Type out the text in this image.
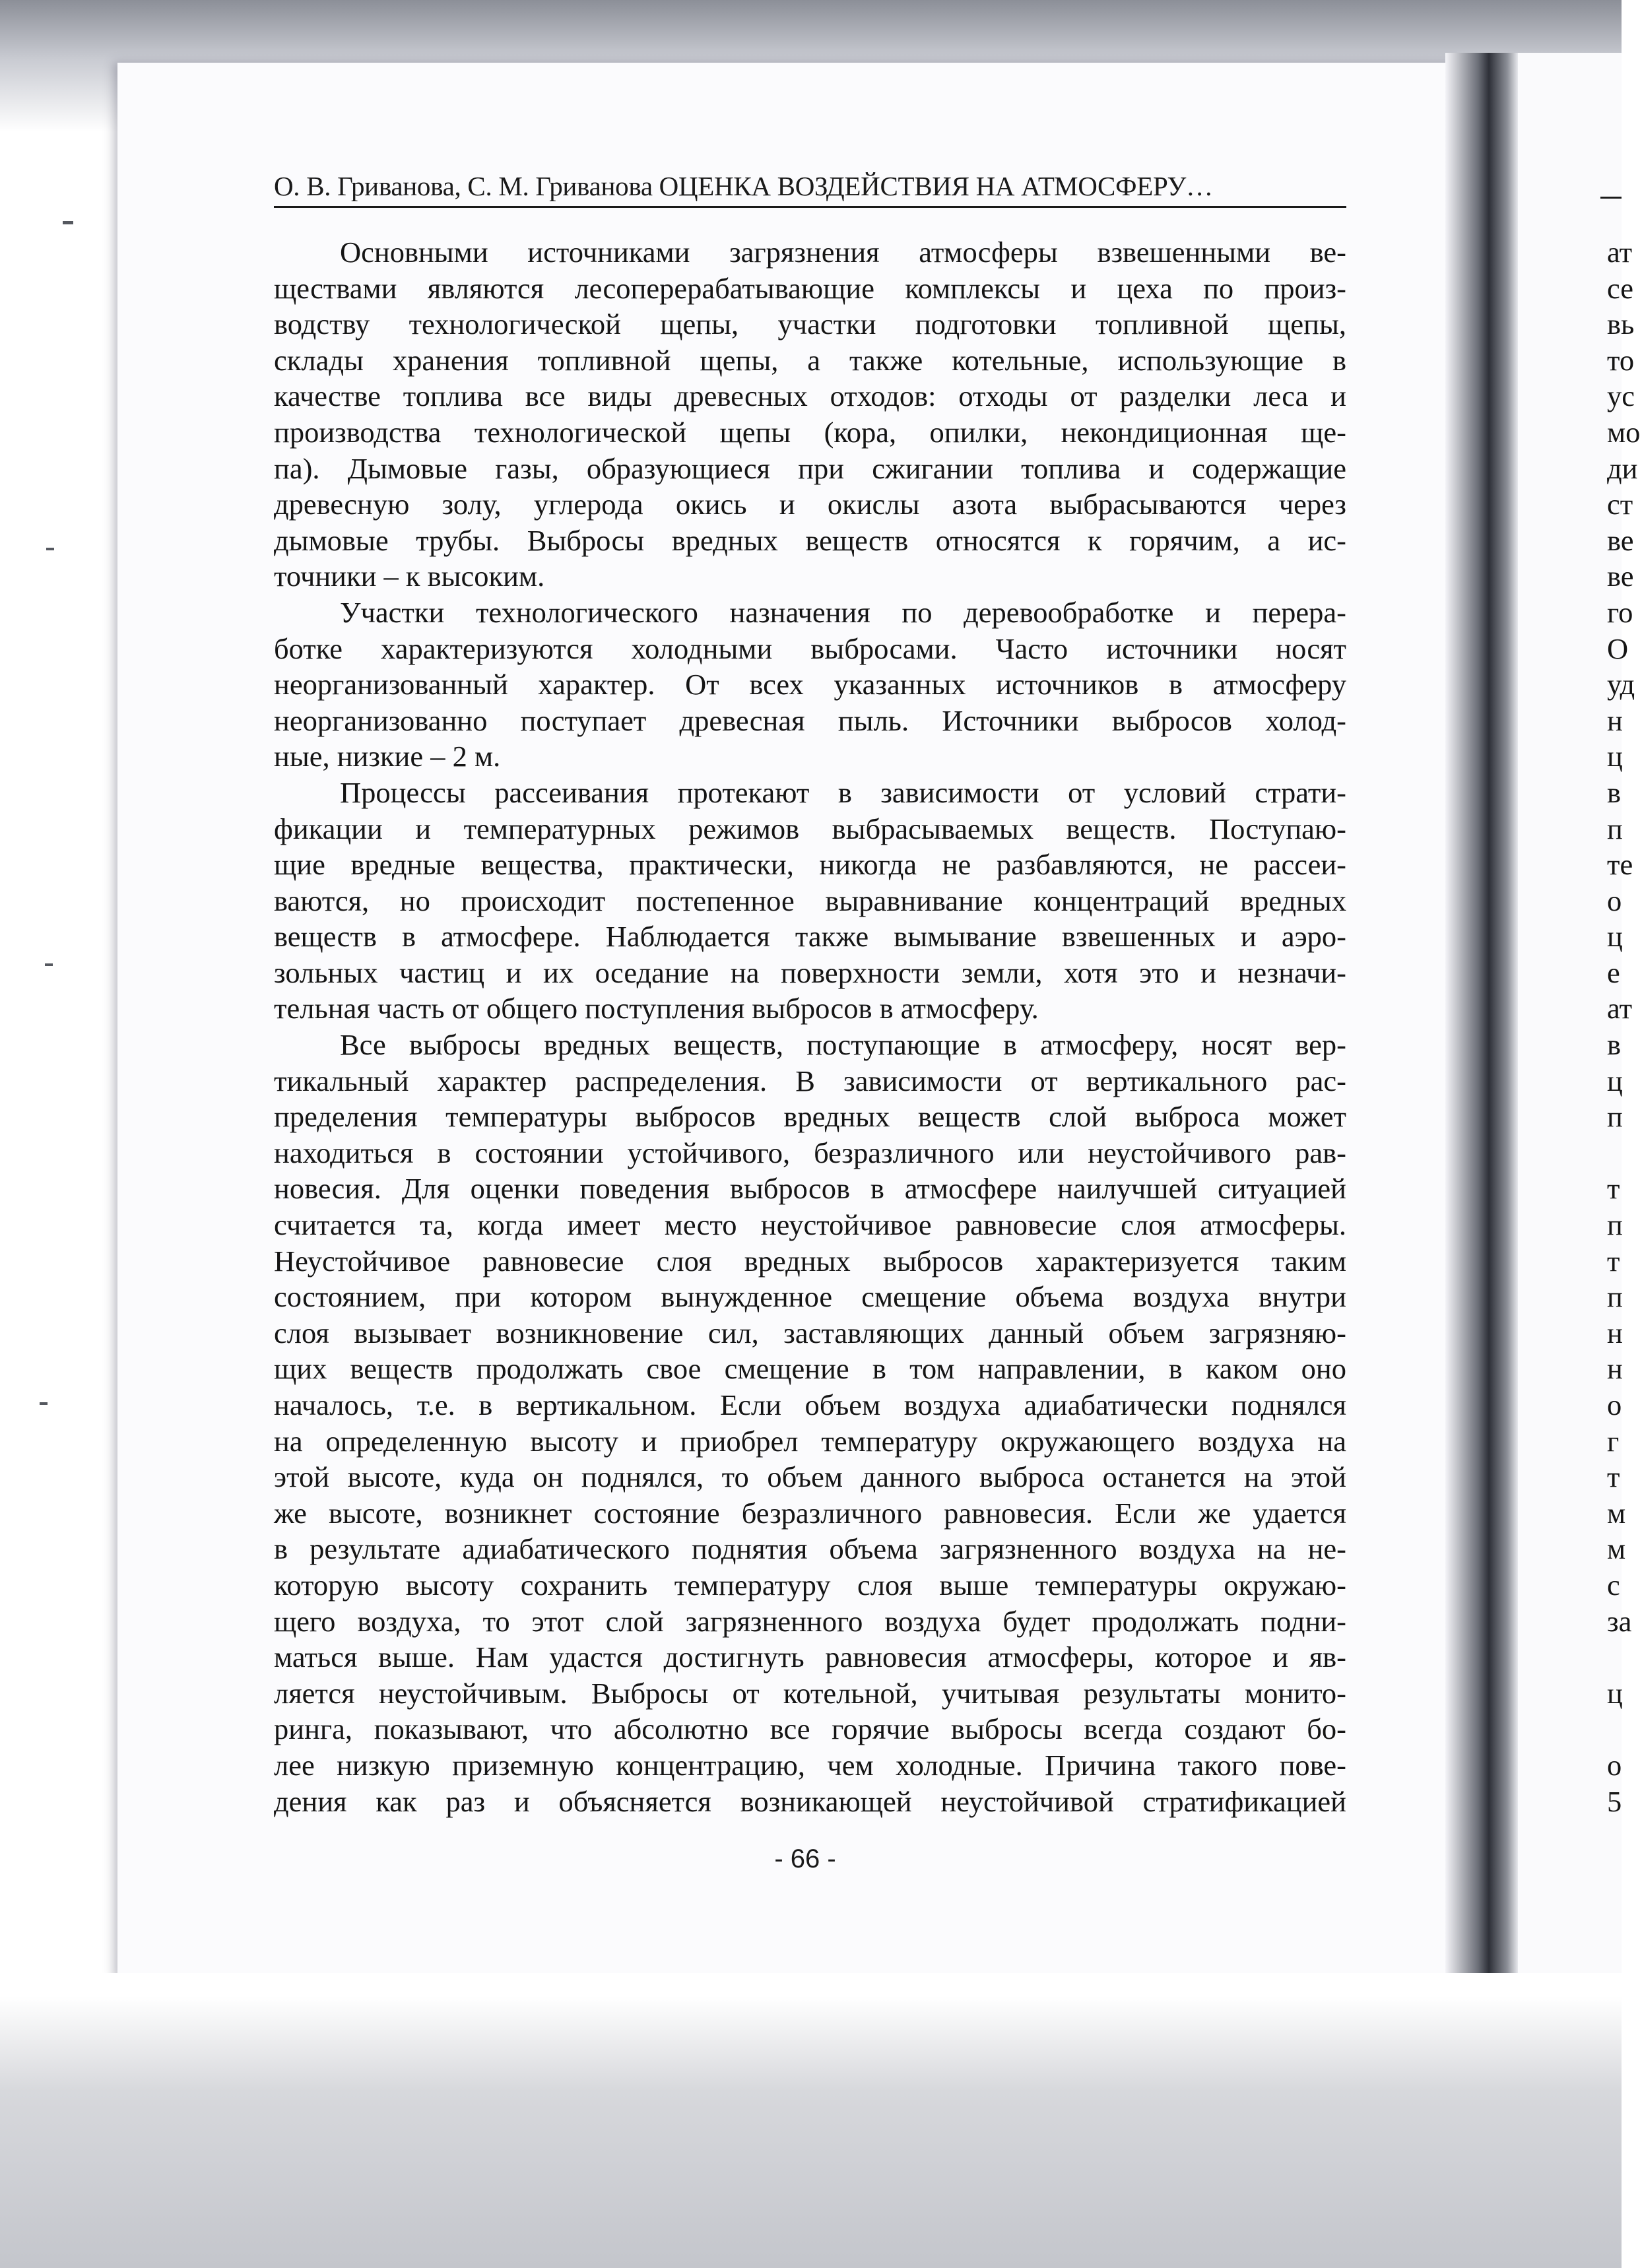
О. В. Гриванова, С. М. Гриванова ОЦЕНКА ВОЗДЕЙСТВИЯ НА АТМОСФЕРУ…
Основными источниками загрязнения атмосферы взвешенными ве-
ществами являются лесоперерабатывающие комплексы и цеха по произ-
водству технологической щепы, участки подготовки топливной щепы,
склады хранения топливной щепы, а также котельные, использующие в
качестве топлива все виды древесных отходов: отходы от разделки леса и
производства технологической щепы (кора, опилки, некондиционная ще-
па). Дымовые газы, образующиеся при сжигании топлива и содержащие
древесную золу, углерода окись и окислы азота выбрасываются через
дымовые трубы. Выбросы вредных веществ относятся к горячим, а ис-
точники – к высоким.
Участки технологического назначения по деревообработке и перера-
ботке характеризуются холодными выбросами. Часто источники носят
неорганизованный характер. От всех указанных источников в атмосферу
неорганизованно поступает древесная пыль. Источники выбросов холод-
ные, низкие – 2 м.
Процессы рассеивания протекают в зависимости от условий страти-
фикации и температурных режимов выбрасываемых веществ. Поступаю-
щие вредные вещества, практически, никогда не разбавляются, не рассеи-
ваются, но происходит постепенное выравнивание концентраций вредных
веществ в атмосфере. Наблюдается также вымывание взвешенных и аэро-
зольных частиц и их оседание на поверхности земли, хотя это и незначи-
тельная часть от общего поступления выбросов в атмосферу.
Все выбросы вредных веществ, поступающие в атмосферу, носят вер-
тикальный характер распределения. В зависимости от вертикального рас-
пределения температуры выбросов вредных веществ слой выброса может
находиться в состоянии устойчивого, безразличного или неустойчивого рав-
новесия. Для оценки поведения выбросов в атмосфере наилучшей ситуацией
считается та, когда имеет место неустойчивое равновесие слоя атмосферы.
Неустойчивое равновесие слоя вредных выбросов характеризуется таким
состоянием, при котором вынужденное смещение объема воздуха внутри
слоя вызывает возникновение сил, заставляющих данный объем загрязняю-
щих веществ продолжать свое смещение в том направлении, в каком оно
началось, т.е. в вертикальном. Если объем воздуха адиабатически поднялся
на определенную высоту и приобрел температуру окружающего воздуха на
этой высоте, куда он поднялся, то объем данного выброса останется на этой
же высоте, возникнет состояние безразличного равновесия. Если же удается
в результате адиабатического поднятия объема загрязненного воздуха на не-
которую высоту сохранить температуру слоя выше температуры окружаю-
щего воздуха, то этот слой загрязненного воздуха будет продолжать подни-
маться выше. Нам удастся достигнуть равновесия атмосферы, которое и яв-
ляется неустойчивым. Выбросы от котельной, учитывая результаты монито-
ринга, показывают, что абсолютно все горячие выбросы всегда создают бо-
лее низкую приземную концентрацию, чем холодные. Причина такого пове-
дения как раз и объясняется возникающей неустойчивой стратификацией
- 66 -
ат
се
вь
то
ус
мо
ди
ст
ве
ве
го
О
уд
н
ц
в
п
те
о
ц
е
ат
в
ц
п
т
п
т
п
н
н
о
г
т
м
м
с
за
ц
о
5
